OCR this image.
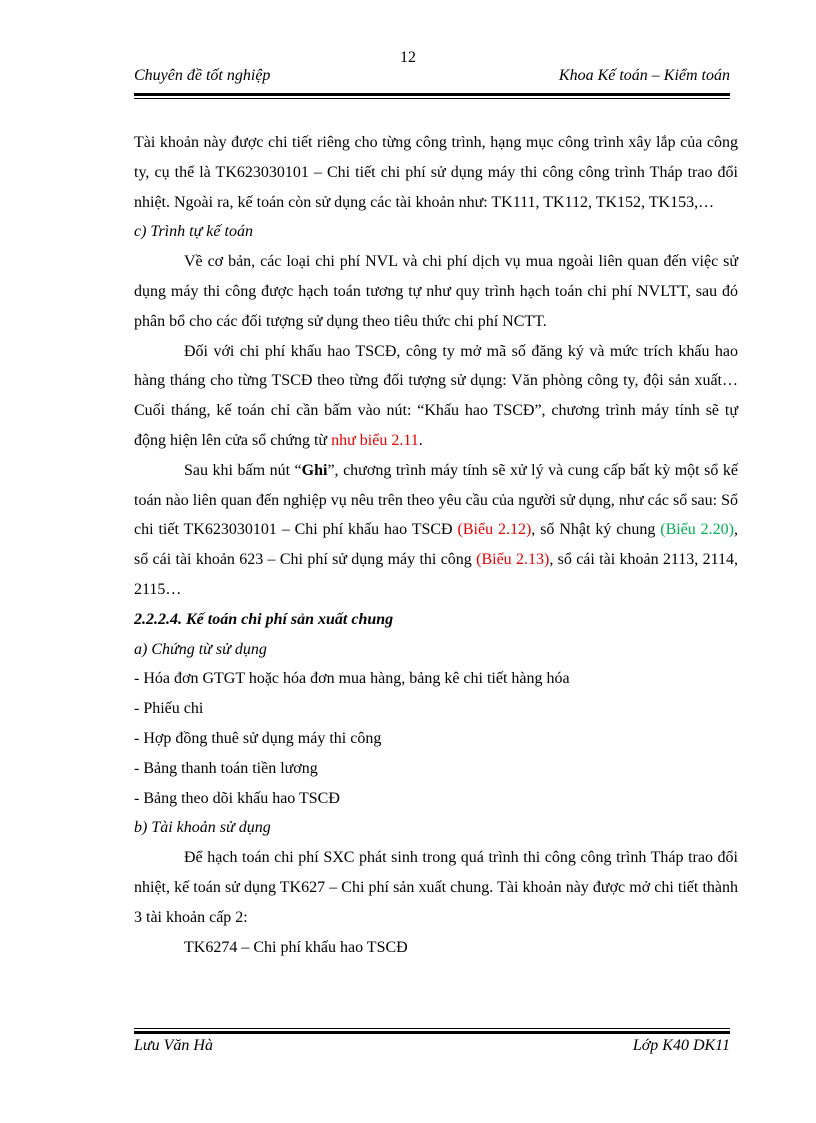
12
Chuyên đề tốt nghiệp	Khoa Kế toán – Kiểm toán

Tài khoản này được chi tiết riêng cho từng công trình, hạng mục công trình xây lắp của công ty, cụ thể là TK623030101 – Chi tiết chi phí sử dụng máy thi công công trình Tháp trao đổi nhiệt. Ngoài ra, kế toán còn sử dụng các tài khoản như: TK111, TK112, TK152, TK153,…

c) Trình tự kế toán

Về cơ bản, các loại chi phí NVL và chi phí dịch vụ mua ngoài liên quan đến việc sử dụng máy thi công được hạch toán tương tự như quy trình hạch toán chi phí NVLTT, sau đó phân bổ cho các đối tượng sử dụng theo tiêu thức chi phí NCTT.

Đối với chi phí khấu hao TSCĐ, công ty mở mã số đăng ký và mức trích khấu hao hàng tháng cho từng TSCĐ theo từng đối tượng sử dụng: Văn phòng công ty, đội sản xuất… Cuối tháng, kế toán chỉ cần bấm vào nút: “Khấu hao TSCĐ”, chương trình máy tính sẽ tự động hiện lên cửa sổ chứng từ như biểu 2.11.

Sau khi bấm nút “Ghi”, chương trình máy tính sẽ xử lý và cung cấp bất kỳ một sổ kế toán nào liên quan đến nghiệp vụ nêu trên theo yêu cầu của người sử dụng, như các sổ sau: Sổ chi tiết TK623030101 – Chi phí khấu hao TSCĐ (Biểu 2.12), sổ Nhật ký chung (Biểu 2.20), sổ cái tài khoản 623 – Chi phí sử dụng máy thi công (Biểu 2.13), sổ cái tài khoản 2113, 2114, 2115…

2.2.2.4. Kế toán chi phí sản xuất chung

a) Chứng từ sử dụng

- Hóa đơn GTGT hoặc hóa đơn mua hàng, bảng kê chi tiết hàng hóa

- Phiếu chi

- Hợp đồng thuê sử dụng máy thi công

- Bảng thanh toán tiền lương

- Bảng theo dõi khấu hao TSCĐ

b) Tài khoản sử dụng

Để hạch toán chi phí SXC phát sinh trong quá trình thi công công trình Tháp trao đổi nhiệt, kế toán sử dụng TK627 – Chi phí sản xuất chung. Tài khoản này được mở chi tiết thành 3 tài khoản cấp 2:

TK6274 – Chi phí khấu hao TSCĐ

Lưu Văn Hà	Lớp K40 DK11
